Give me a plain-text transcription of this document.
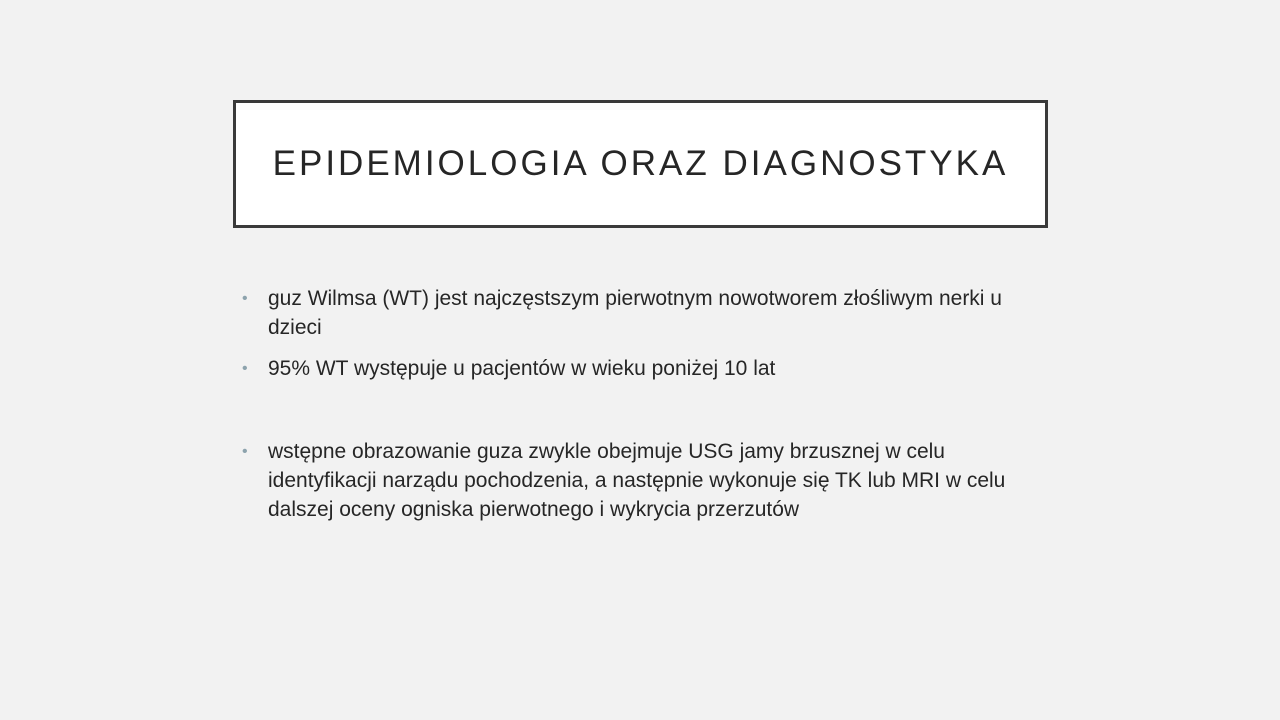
EPIDEMIOLOGIA ORAZ DIAGNOSTYKA
• guz Wilmsa (WT) jest najczęstszym pierwotnym nowotworem złośliwym nerki u dzieci
• 95% WT występuje u pacjentów w wieku poniżej 10 lat
• wstępne obrazowanie guza zwykle obejmuje USG jamy brzusznej w celu identyfikacji narządu pochodzenia, a następnie wykonuje się TK lub MRI w celu dalszej oceny ogniska pierwotnego i wykrycia przerzutów
